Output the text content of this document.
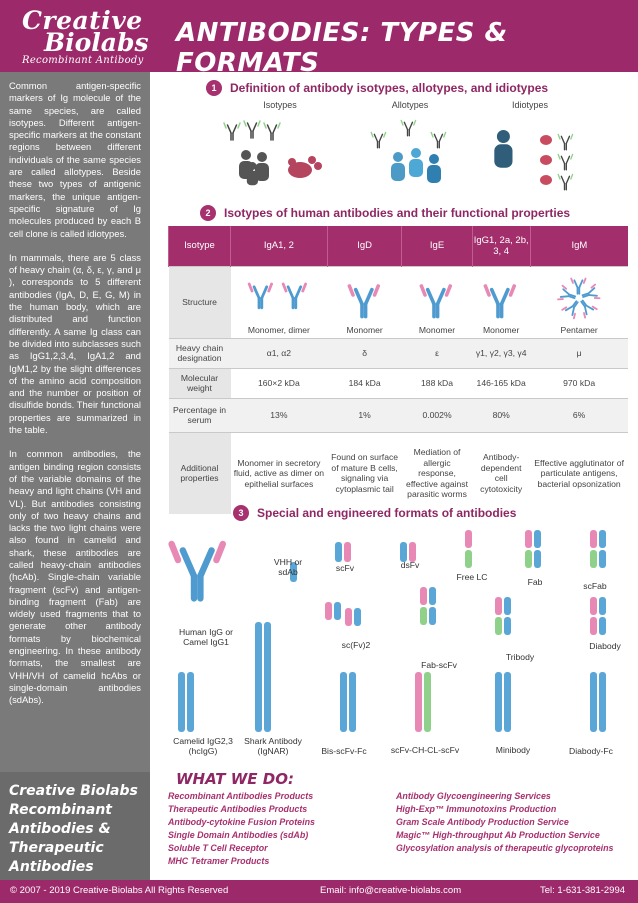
Creative
Biolabs
Recombinant Antibody
ANTIBODIES: TYPES & FORMATS

Common antigen-specific markers of Ig molecule of the same species, are called isotypes. Different antigen-specific markers at the constant regions between different individuals of the same species are called allotypes. Beside these two types of antigenic markers, the unique antigen-specific signature of Ig molecules produced by each B cell clone is called idiotypes.

In mammals, there are 5 class of heavy chain (α, δ, ε, γ, and μ ), corresponds to 5 different antibodies (IgA, D, E, G, M) in the human body, which are distributed and function differently. A same Ig class can be divided into subclasses such as IgG1,2,3,4, IgA1,2 and IgM1,2 by the slight differences of the amino acid composition and the number or position of disulfide bonds. Their functional properties are summarized in the table.

In common antibodies, the antigen binding region consists of the variable domains of the heavy and light chains (VH and VL). But antibodies consisting only of two heavy chains and lacks the two light chains were also found in camelid and shark, these antibodies are called heavy-chain antibodies (hcAb). Single-chain variable fragment (scFv) and antigen-binding fragment (Fab) are widely used fragments that to generate other antibody formats by biochemical engineering. In these antibody formats, the smallest are VHH/VH of camelid hcAbs or single-domain antibodies (sdAbs).

Creative Biolabs
Recombinant
Antibodies &
Therapeutic
Antibodies
1	Definition of antibody isotypes, allotypes, and idiotypes
Isotypes	Allotypes	Idiotypes
2	Isotypes of human antibodies and their functional properties
Isotype	IgA1, 2	IgD	IgE	IgG1, 2a, 2b, 3, 4	IgM
Structure	Monomer, dimer	Monomer	Monomer	Monomer	Pentamer

Heavy chain designation	α1, α2	δ	ε	γ1, γ2, γ3, γ4	μ
Molecular weight	160×2 kDa	184 kDa	188 kDa	146-165 kDa	970 kDa
Percentage in serum	13%	1%	0.002%	80%	6%
Additional properties	Monomer in secretory fluid, active as dimer on epithelial surfaces	Found on surface of mature B cells, signaling via cytoplasmic tail	Mediation of allergic response, effective against parasitic worms	Antibody-dependent cell cytotoxicity	Effective agglutinator of particulate antigens, bacterial opsonization
3	Special and engineered formats of antibodies
Human IgG or Camel IgG1
VHH or sdAb	scFv	dsFv
Free LC	Fab	scFab
sc(Fv)2
Fab-scFv
Tribody
Diabody
Camelid IgG2,3 (hcIgG)
Shark Antibody (IgNAR)	Bis-scFv-Fc	scFv-CH-CL-scFv	Minibody	Diabody-Fc
WHAT WE DO:
Recombinant Antibodies Products
Therapeutic Antibodies Products
Antibody-cytokine Fusion Proteins
Single Domain Antibodies (sdAb)
Soluble T Cell Receptor
MHC Tetramer Products
Antibody Glycoengineering Services
High-Exp™ Immunotoxins Production
Gram Scale Antibody Production Service
Magic™ High-throughput Ab Production Service
Glycosylation analysis of therapeutic glycoproteins
© 2007 - 2019 Creative-Biolabs All Rights Reserved	Email: info@creative-biolabs.com	Tel: 1-631-381-2994
